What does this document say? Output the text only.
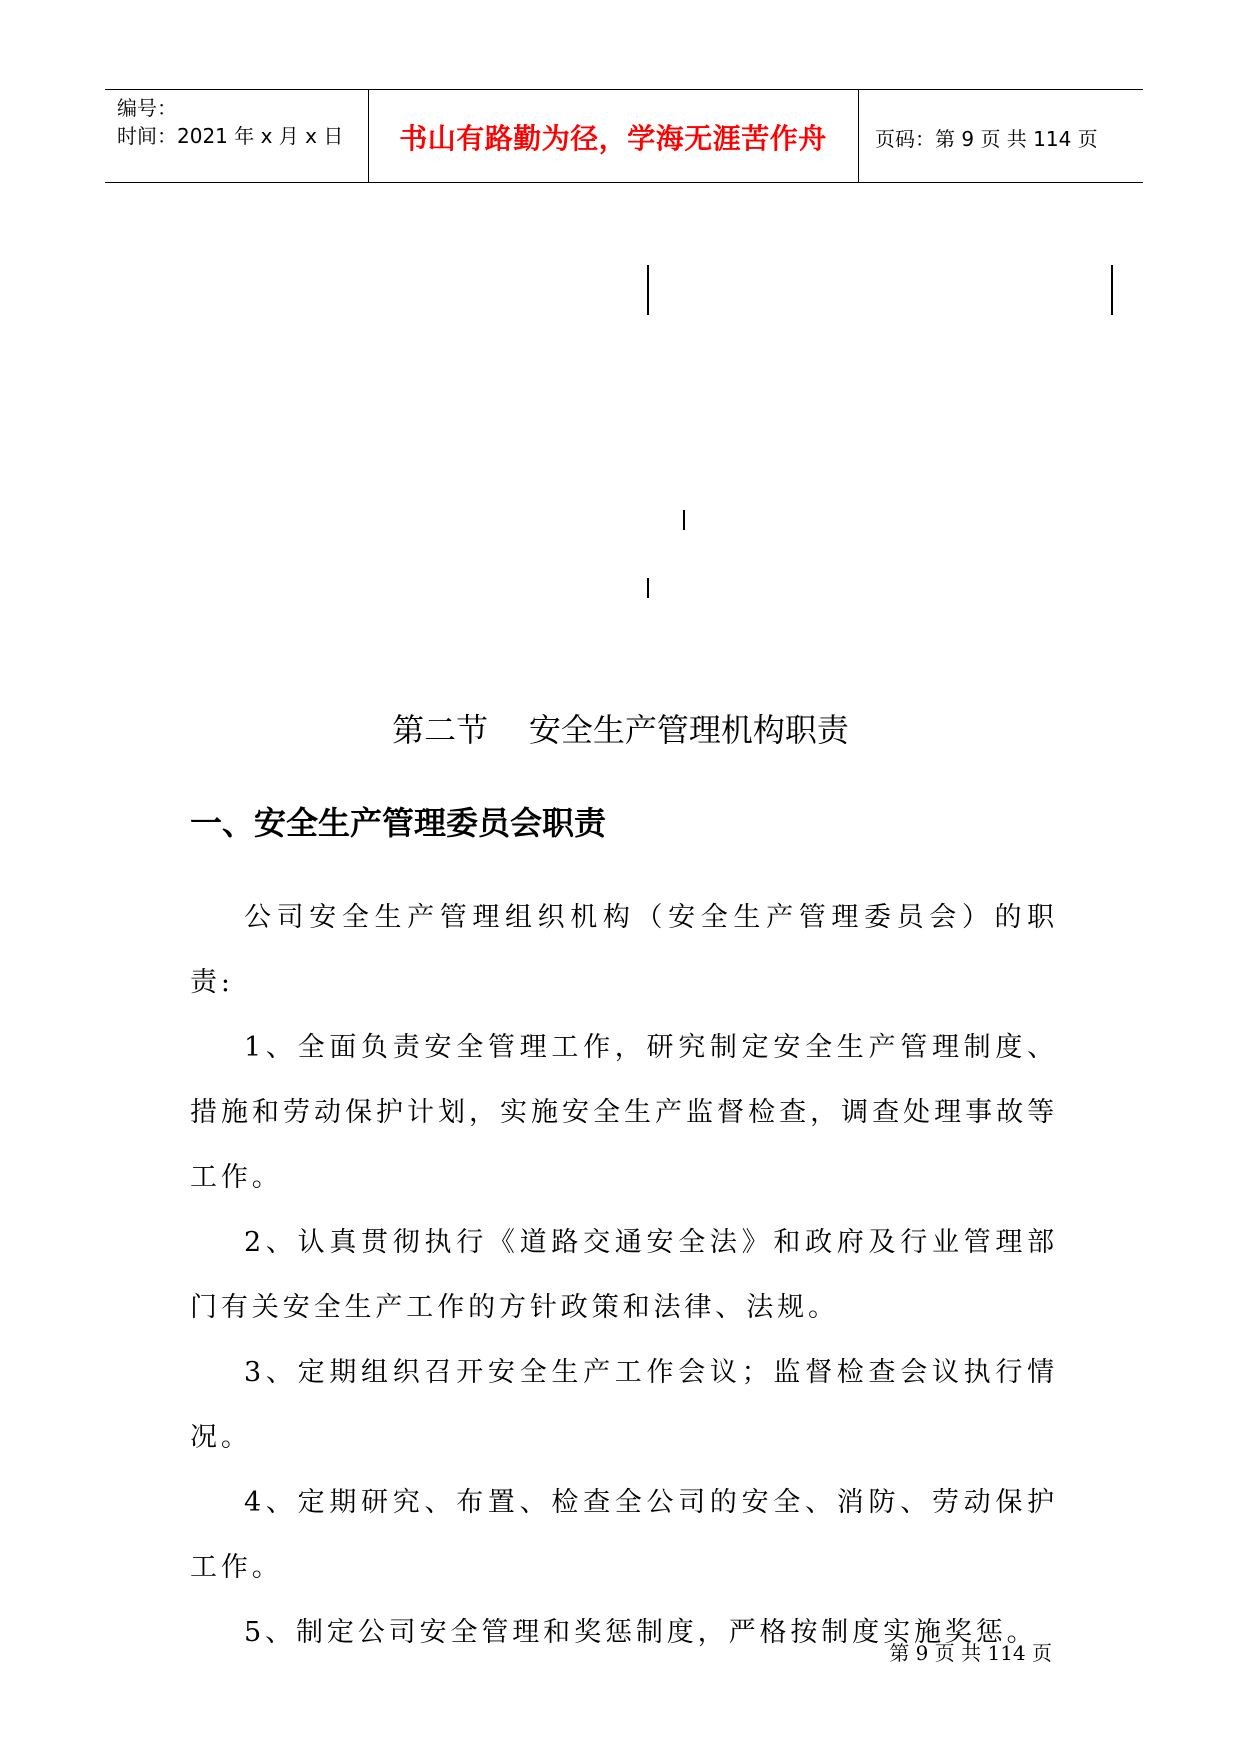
编号：
时间：2021 年 x 月 x 日	书山有路勤为径，学海无涯苦作舟	页码：第 9 页 共 114 页
第二节    安全生产管理机构职责
一、安全生产管理委员会职责

公司安全生产管理组织机构（安全生产管理委员会）的职责:

1、全面负责安全管理工作，研究制定安全生产管理制度、措施和劳动保护计划，实施安全生产监督检查，调查处理事故等工作。

2、认真贯彻执行《道路交通安全法》和政府及行业管理部门有关安全生产工作的方针政策和法律、法规。

3、定期组织召开安全生产工作会议；监督检查会议执行情况。

4、定期研究、布置、检查全公司的安全、消防、劳动保护工作。

5、制定公司安全管理和奖惩制度，严格按制度实施奖惩。

第 9 页 共 114 页
